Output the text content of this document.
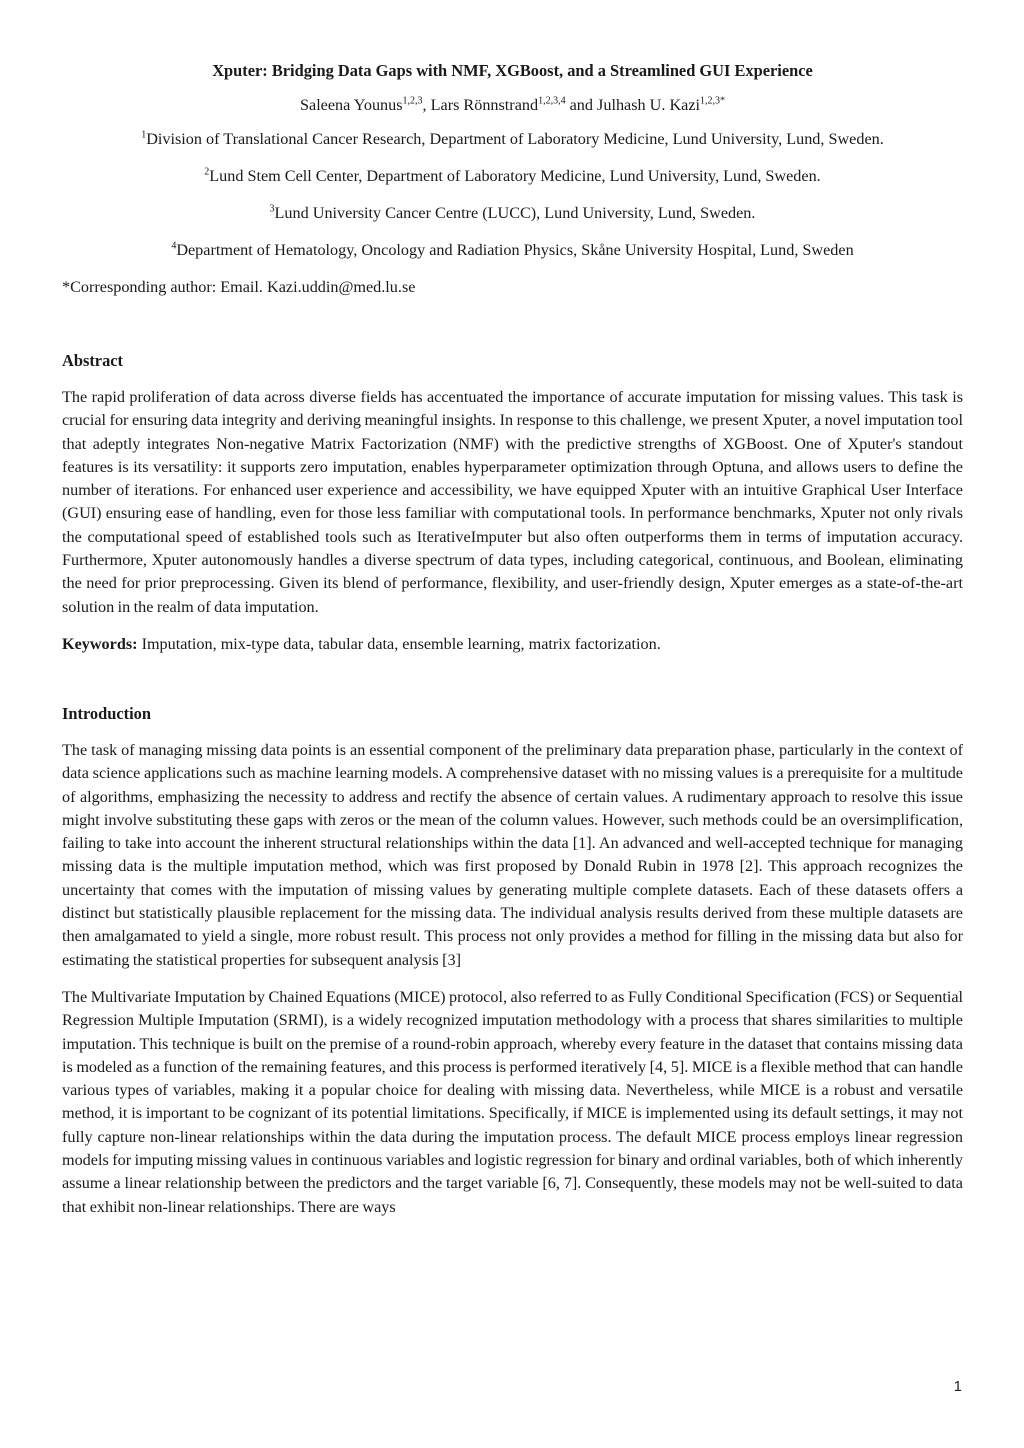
Xputer: Bridging Data Gaps with NMF, XGBoost, and a Streamlined GUI Experience
Saleena Younus$^{1,2,3}$, Lars Rönnstrand$^{1,2,3,4}$ and Julhash U. Kazi$^{1,2,3*}$
$^1$Division of Translational Cancer Research, Department of Laboratory Medicine, Lund University, Lund, Sweden.
$^2$Lund Stem Cell Center, Department of Laboratory Medicine, Lund University, Lund, Sweden.
$^3$Lund University Cancer Centre (LUCC), Lund University, Lund, Sweden.
$^4$Department of Hematology, Oncology and Radiation Physics, Skåne University Hospital, Lund, Sweden
*Corresponding author: Email. Kazi.uddin@med.lu.se
Abstract
The rapid proliferation of data across diverse fields has accentuated the importance of accurate imputation for missing values. This task is crucial for ensuring data integrity and deriving meaningful insights. In response to this challenge, we present Xputer, a novel imputation tool that adeptly integrates Non-negative Matrix Factorization (NMF) with the predictive strengths of XGBoost. One of Xputer's standout features is its versatility: it supports zero imputation, enables hyperparameter optimization through Optuna, and allows users to define the number of iterations. For enhanced user experience and accessibility, we have equipped Xputer with an intuitive Graphical User Interface (GUI) ensuring ease of handling, even for those less familiar with computational tools. In performance benchmarks, Xputer not only rivals the computational speed of established tools such as IterativeImputer but also often outperforms them in terms of imputation accuracy. Furthermore, Xputer autonomously handles a diverse spectrum of data types, including categorical, continuous, and Boolean, eliminating the need for prior preprocessing. Given its blend of performance, flexibility, and user-friendly design, Xputer emerges as a state-of-the-art solution in the realm of data imputation.
Keywords: Imputation, mix-type data, tabular data, ensemble learning, matrix factorization.
Introduction
The task of managing missing data points is an essential component of the preliminary data preparation phase, particularly in the context of data science applications such as machine learning models. A comprehensive dataset with no missing values is a prerequisite for a multitude of algorithms, emphasizing the necessity to address and rectify the absence of certain values. A rudimentary approach to resolve this issue might involve substituting these gaps with zeros or the mean of the column values. However, such methods could be an oversimplification, failing to take into account the inherent structural relationships within the data [1]. An advanced and well-accepted technique for managing missing data is the multiple imputation method, which was first proposed by Donald Rubin in 1978 [2]. This approach recognizes the uncertainty that comes with the imputation of missing values by generating multiple complete datasets. Each of these datasets offers a distinct but statistically plausible replacement for the missing data. The individual analysis results derived from these multiple datasets are then amalgamated to yield a single, more robust result. This process not only provides a method for filling in the missing data but also for estimating the statistical properties for subsequent analysis [3]
The Multivariate Imputation by Chained Equations (MICE) protocol, also referred to as Fully Conditional Specification (FCS) or Sequential Regression Multiple Imputation (SRMI), is a widely recognized imputation methodology with a process that shares similarities to multiple imputation. This technique is built on the premise of a round-robin approach, whereby every feature in the dataset that contains missing data is modeled as a function of the remaining features, and this process is performed iteratively [4, 5]. MICE is a flexible method that can handle various types of variables, making it a popular choice for dealing with missing data. Nevertheless, while MICE is a robust and versatile method, it is important to be cognizant of its potential limitations. Specifically, if MICE is implemented using its default settings, it may not fully capture non-linear relationships within the data during the imputation process. The default MICE process employs linear regression models for imputing missing values in continuous variables and logistic regression for binary and ordinal variables, both of which inherently assume a linear relationship between the predictors and the target variable [6, 7]. Consequently, these models may not be well-suited to data that exhibit non-linear relationships. There are ways
1
